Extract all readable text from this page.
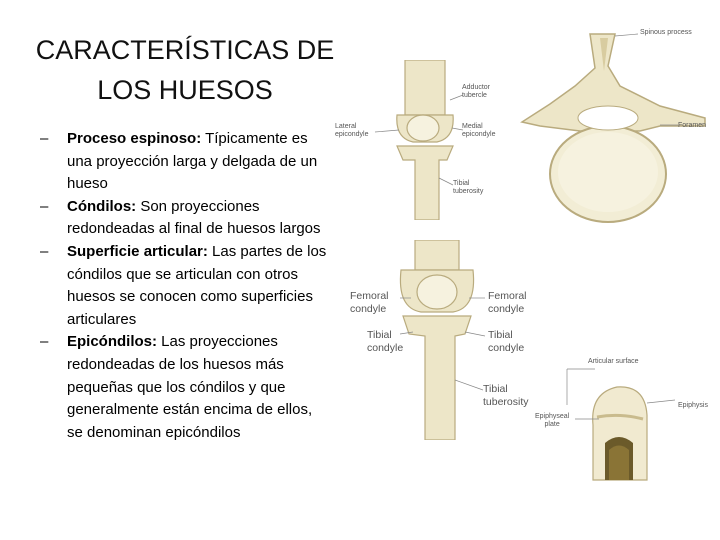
CARACTERÍSTICAS DE
LOS HUESOS
– Proceso espinoso: Típicamente es una proyección larga y delgada de un hueso
– Cóndilos: Son proyecciones redondeadas al final de huesos largos
– Superficie articular: Las partes de los cóndilos que se articulan con otros huesos se conocen como superficies articulares
– Epicóndilos: Las proyecciones redondeadas de los huesos más pequeñas que los cóndilos y que generalmente están encima de ellos, se denominan epicóndilos
Spinous process
Foramen
Lateral
epicondyle
Adductor
tubercle
Medial
epicondyle
Tibial
tuberosity
Femoral
condyle
Femoral
condyle
Tibial
condyle
Tibial
condyle
Tibial
tuberosity
Articular surface
Epiphysis
Epiphyseal
plate
